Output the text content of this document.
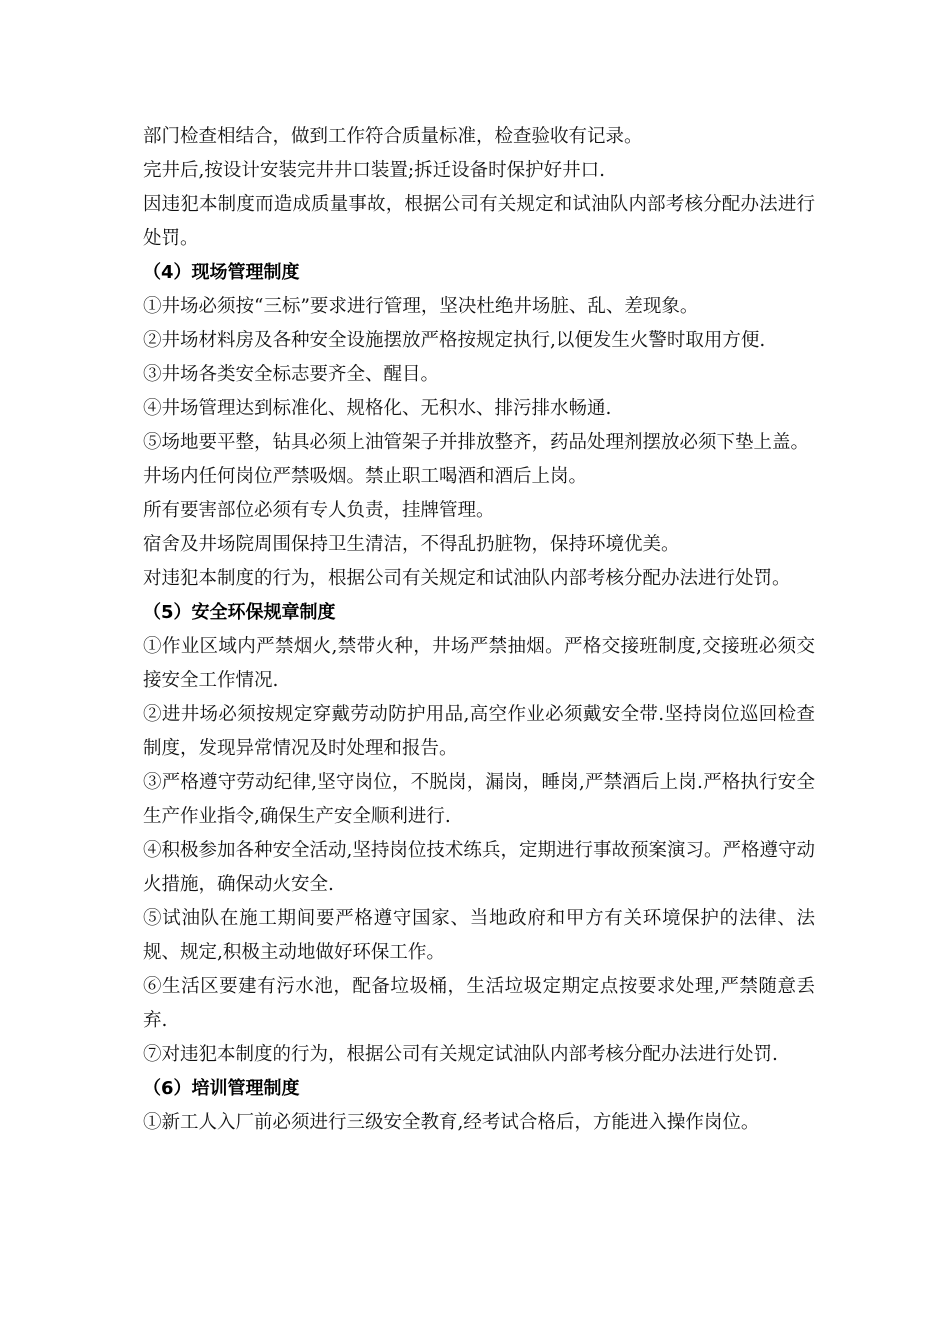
部门检查相结合，做到工作符合质量标准，检查验收有记录。

完井后,按设计安装完井井口装置;拆迁设备时保护好井口.

因违犯本制度而造成质量事故，根据公司有关规定和试油队内部考核分配办法进行处罚。

（4）现场管理制度

①井场必须按“三标”要求进行管理，坚决杜绝井场脏、乱、差现象。

②井场材料房及各种安全设施摆放严格按规定执行,以便发生火警时取用方便.

③井场各类安全标志要齐全、醒目。

④井场管理达到标准化、规格化、无积水、排污排水畅通.

⑤场地要平整，钻具必须上油管架子并排放整齐，药品处理剂摆放必须下垫上盖。

井场内任何岗位严禁吸烟。禁止职工喝酒和酒后上岗。

所有要害部位必须有专人负责，挂牌管理。

宿舍及井场院周围保持卫生清洁，不得乱扔脏物，保持环境优美。

对违犯本制度的行为，根据公司有关规定和试油队内部考核分配办法进行处罚。

（5）安全环保规章制度

①作业区域内严禁烟火,禁带火种，井场严禁抽烟。严格交接班制度,交接班必须交接安全工作情况.

②进井场必须按规定穿戴劳动防护用品,高空作业必须戴安全带.坚持岗位巡回检查制度，发现异常情况及时处理和报告。

③严格遵守劳动纪律,坚守岗位，不脱岗，漏岗，睡岗,严禁酒后上岗.严格执行安全生产作业指令,确保生产安全顺利进行.

④积极参加各种安全活动,坚持岗位技术练兵，定期进行事故预案演习。严格遵守动火措施，确保动火安全.

⑤试油队在施工期间要严格遵守国家、当地政府和甲方有关环境保护的法律、法规、规定,积极主动地做好环保工作。

⑥生活区要建有污水池，配备垃圾桶，生活垃圾定期定点按要求处理,严禁随意丢弃.

⑦对违犯本制度的行为，根据公司有关规定试油队内部考核分配办法进行处罚.

（6）培训管理制度

①新工人入厂前必须进行三级安全教育,经考试合格后，方能进入操作岗位。
